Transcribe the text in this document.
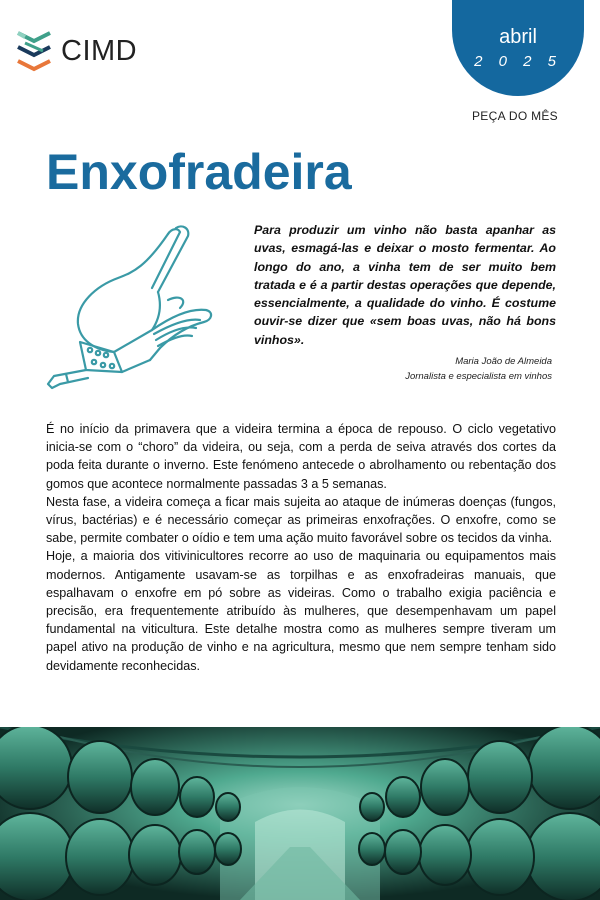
CIMD	abril
2 0 2 5
PEÇA DO MÊS
Enxofradeira

Para produzir um vinho não basta apanhar as uvas, esmagá-las e deixar o mosto fermentar. Ao longo do ano, a vinha tem de ser muito bem tratada e é a partir destas operações que depende, essencialmente, a qualidade do vinho. É costume ouvir-se dizer que «sem boas uvas, não há bons vinhos».

Maria João de Almeida
Jornalista e especialista em vinhos

É no início da primavera que a videira termina a época de repouso. O ciclo vegetativo inicia-se com o “choro” da videira, ou seja, com a perda de seiva através dos cortes da poda feita durante o inverno. Este fenómeno antecede o abrolhamento ou rebentação dos gomos que acontece normalmente passadas 3 a 5 semanas.

Nesta fase, a videira começa a ficar mais sujeita ao ataque de inúmeras doenças (fungos, vírus, bactérias) e é necessário começar as primeiras enxofrações. O enxofre, como se sabe, permite combater o oídio e tem uma ação muito favorável sobre os tecidos da vinha.

Hoje, a maioria dos vitivinicultores recorre ao uso de maquinaria ou equipamentos mais modernos. Antigamente usavam-se as torpilhas e as enxofradeiras manuais, que espalhavam o enxofre em pó sobre as videiras. Como o trabalho exigia paciência e precisão, era frequentemente atribuído às mulheres, que desempenhavam um papel fundamental na viticultura. Este detalhe mostra como as mulheres sempre tiveram um papel ativo na produção de vinho e na agricultura, mesmo que nem sempre tenham sido devidamente reconhecidas.
